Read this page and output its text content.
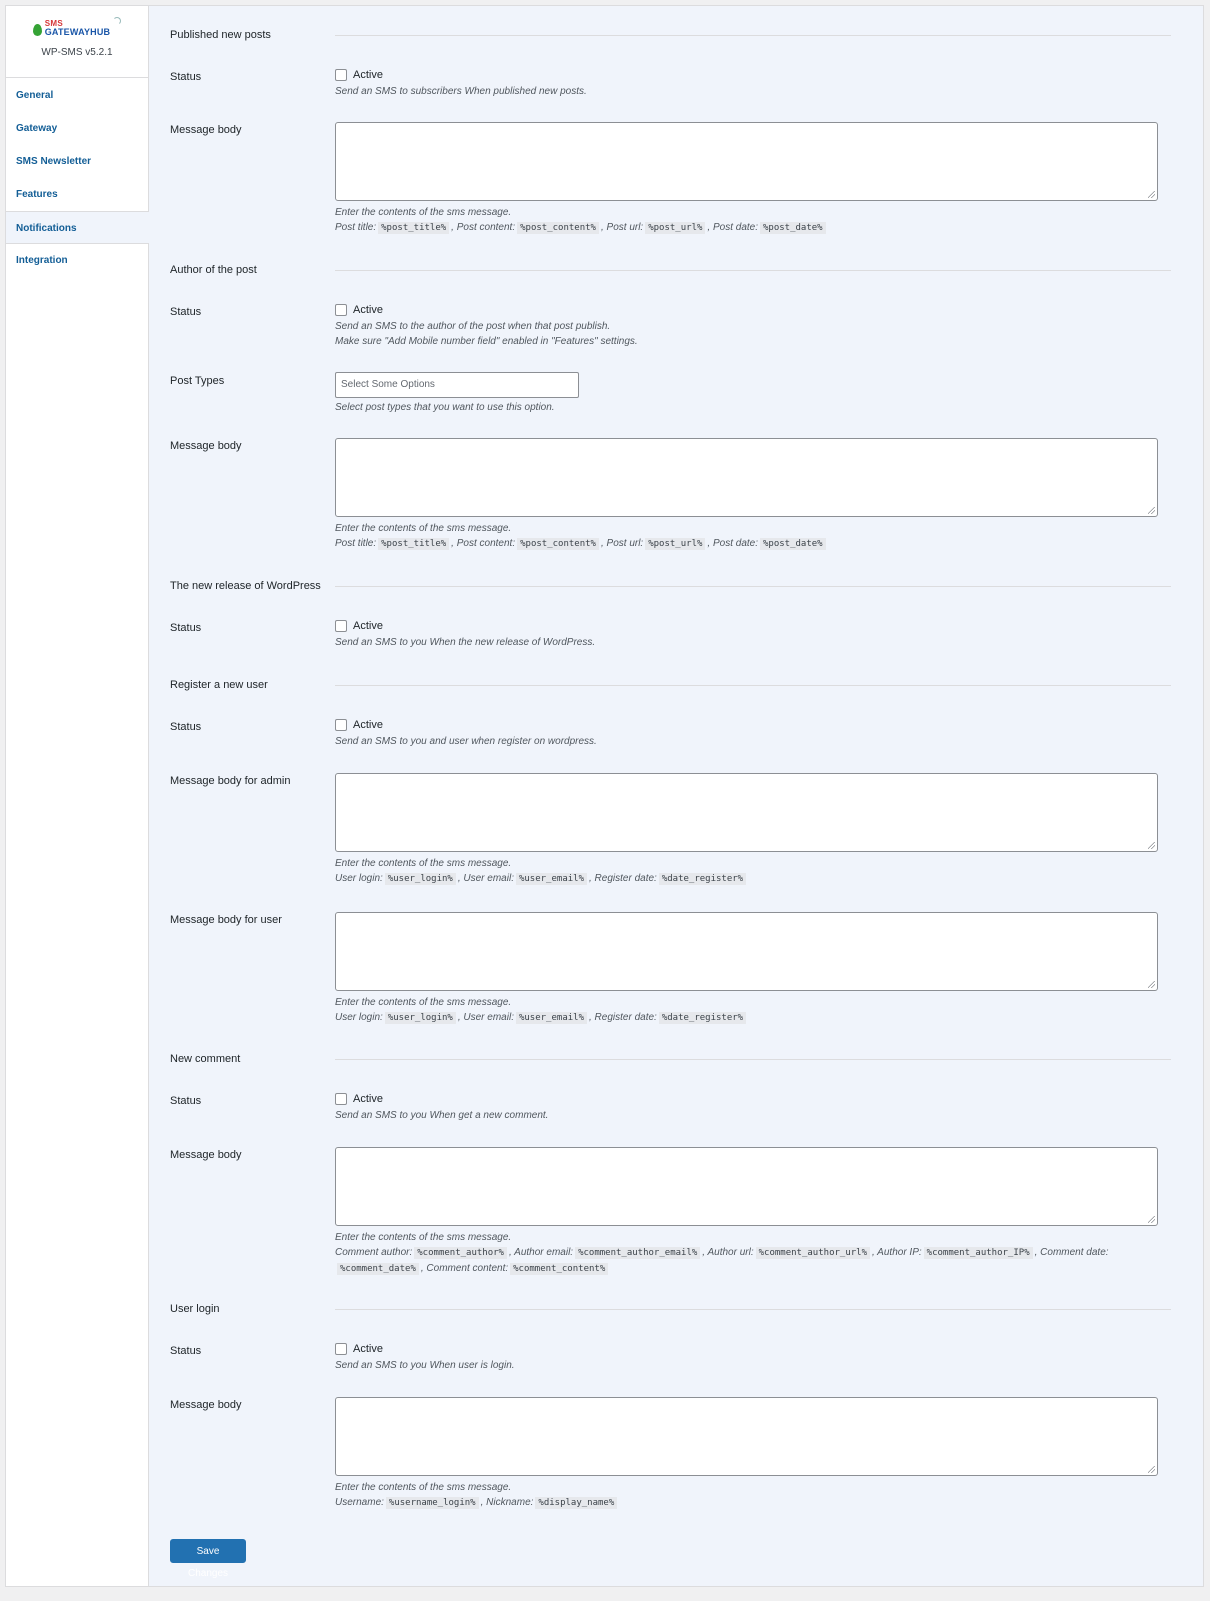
SMS
GATEWAYHUB
WP-SMS v5.2.1
General
Gateway
SMS Newsletter
Features
Notifications
Integration
Published new posts
Status	Active
Send an SMS to subscribers When published new posts.
Message body
Enter the contents of the sms message.
Post title: %post_title% , Post content: %post_content% , Post url: %post_url% , Post date: %post_date%
Author of the post
Status	Active
Send an SMS to the author of the post when that post publish.
Make sure "Add Mobile number field" enabled in "Features" settings.
Post Types	Select Some Options
Select post types that you want to use this option.
Message body
Enter the contents of the sms message.
Post title: %post_title% , Post content: %post_content% , Post url: %post_url% , Post date: %post_date%
The new release of WordPress
Status	Active
Send an SMS to you When the new release of WordPress.
Register a new user
Status	Active
Send an SMS to you and user when register on wordpress.
Message body for admin
Enter the contents of the sms message.
User login: %user_login% , User email: %user_email% , Register date: %date_register%
Message body for user
Enter the contents of the sms message.
User login: %user_login% , User email: %user_email% , Register date: %date_register%
New comment
Status	Active
Send an SMS to you When get a new comment.
Message body
Enter the contents of the sms message.
Comment author: %comment_author% , Author email: %comment_author_email% , Author url: %comment_author_url% , Author IP: %comment_author_IP% , Comment date: %comment_date% , Comment content: %comment_content%
User login
Status	Active
Send an SMS to you When user is login.
Message body
Enter the contents of the sms message.
Username: %username_login% , Nickname: %display_name%
Save Changes
